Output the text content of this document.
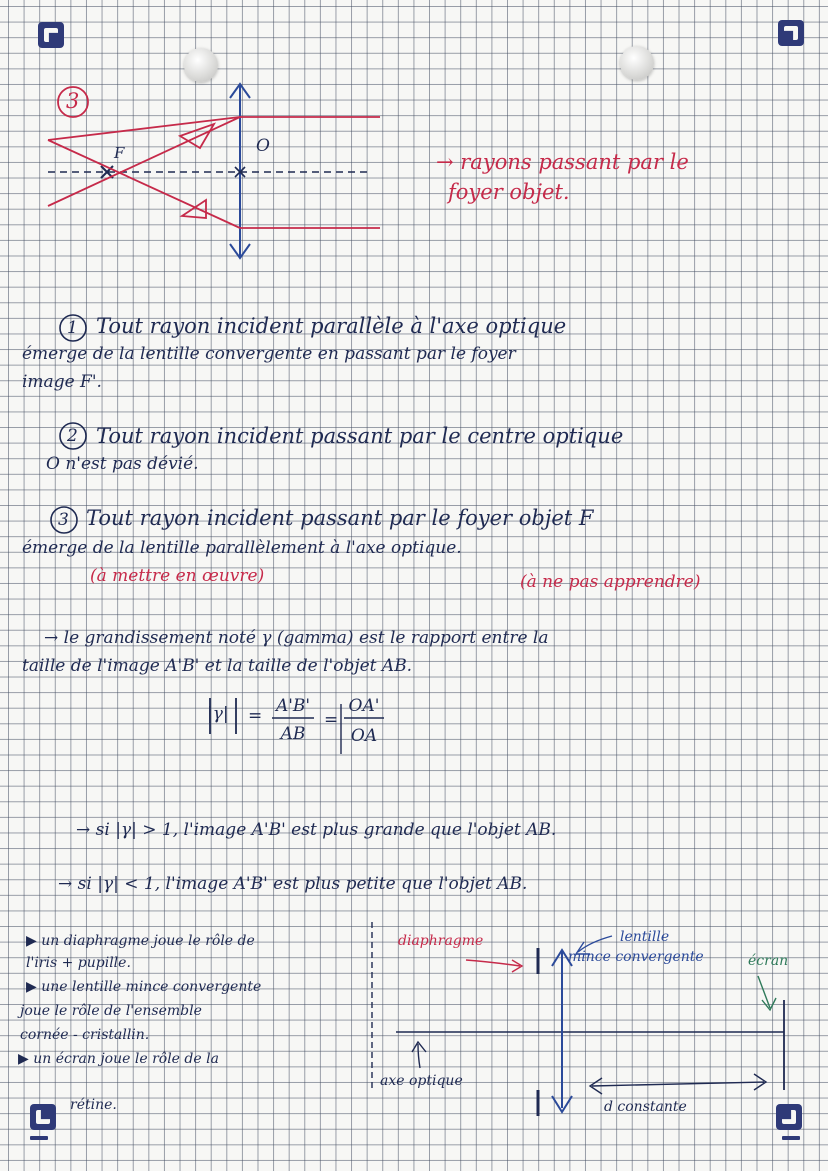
3
F	O
→ rayons passant par le
foyer objet.
1 Tout rayon incident parallèle à l'axe optique
émerge de la lentille convergente en passant par le foyer
image F'.
2 Tout rayon incident passant par le centre optique
O n'est pas dévié.
3 Tout rayon incident passant par le foyer objet F
émerge de la lentille parallèlement à l'axe optique.
(à mettre en œuvre)	(à ne pas apprendre)
→ le grandissement noté γ (gamma) est le rapport entre la
taille de l'image A'B' et la taille de l'objet AB.
|γ| = A'B'
AB
=
OA'
OA
→ si |γ| > 1, l'image A'B' est plus grande que l'objet AB.
→ si |γ| < 1, l'image A'B' est plus petite que l'objet AB.
▶ un diaphragme joue le rôle de
l'iris + pupille.
▶ une lentille mince convergente
joue le rôle de l'ensemble
cornée - cristallin.
▶ un écran joue le rôle de la
rétine.
diaphragme	lentille
mince convergente	écran
axe optique
d constante
